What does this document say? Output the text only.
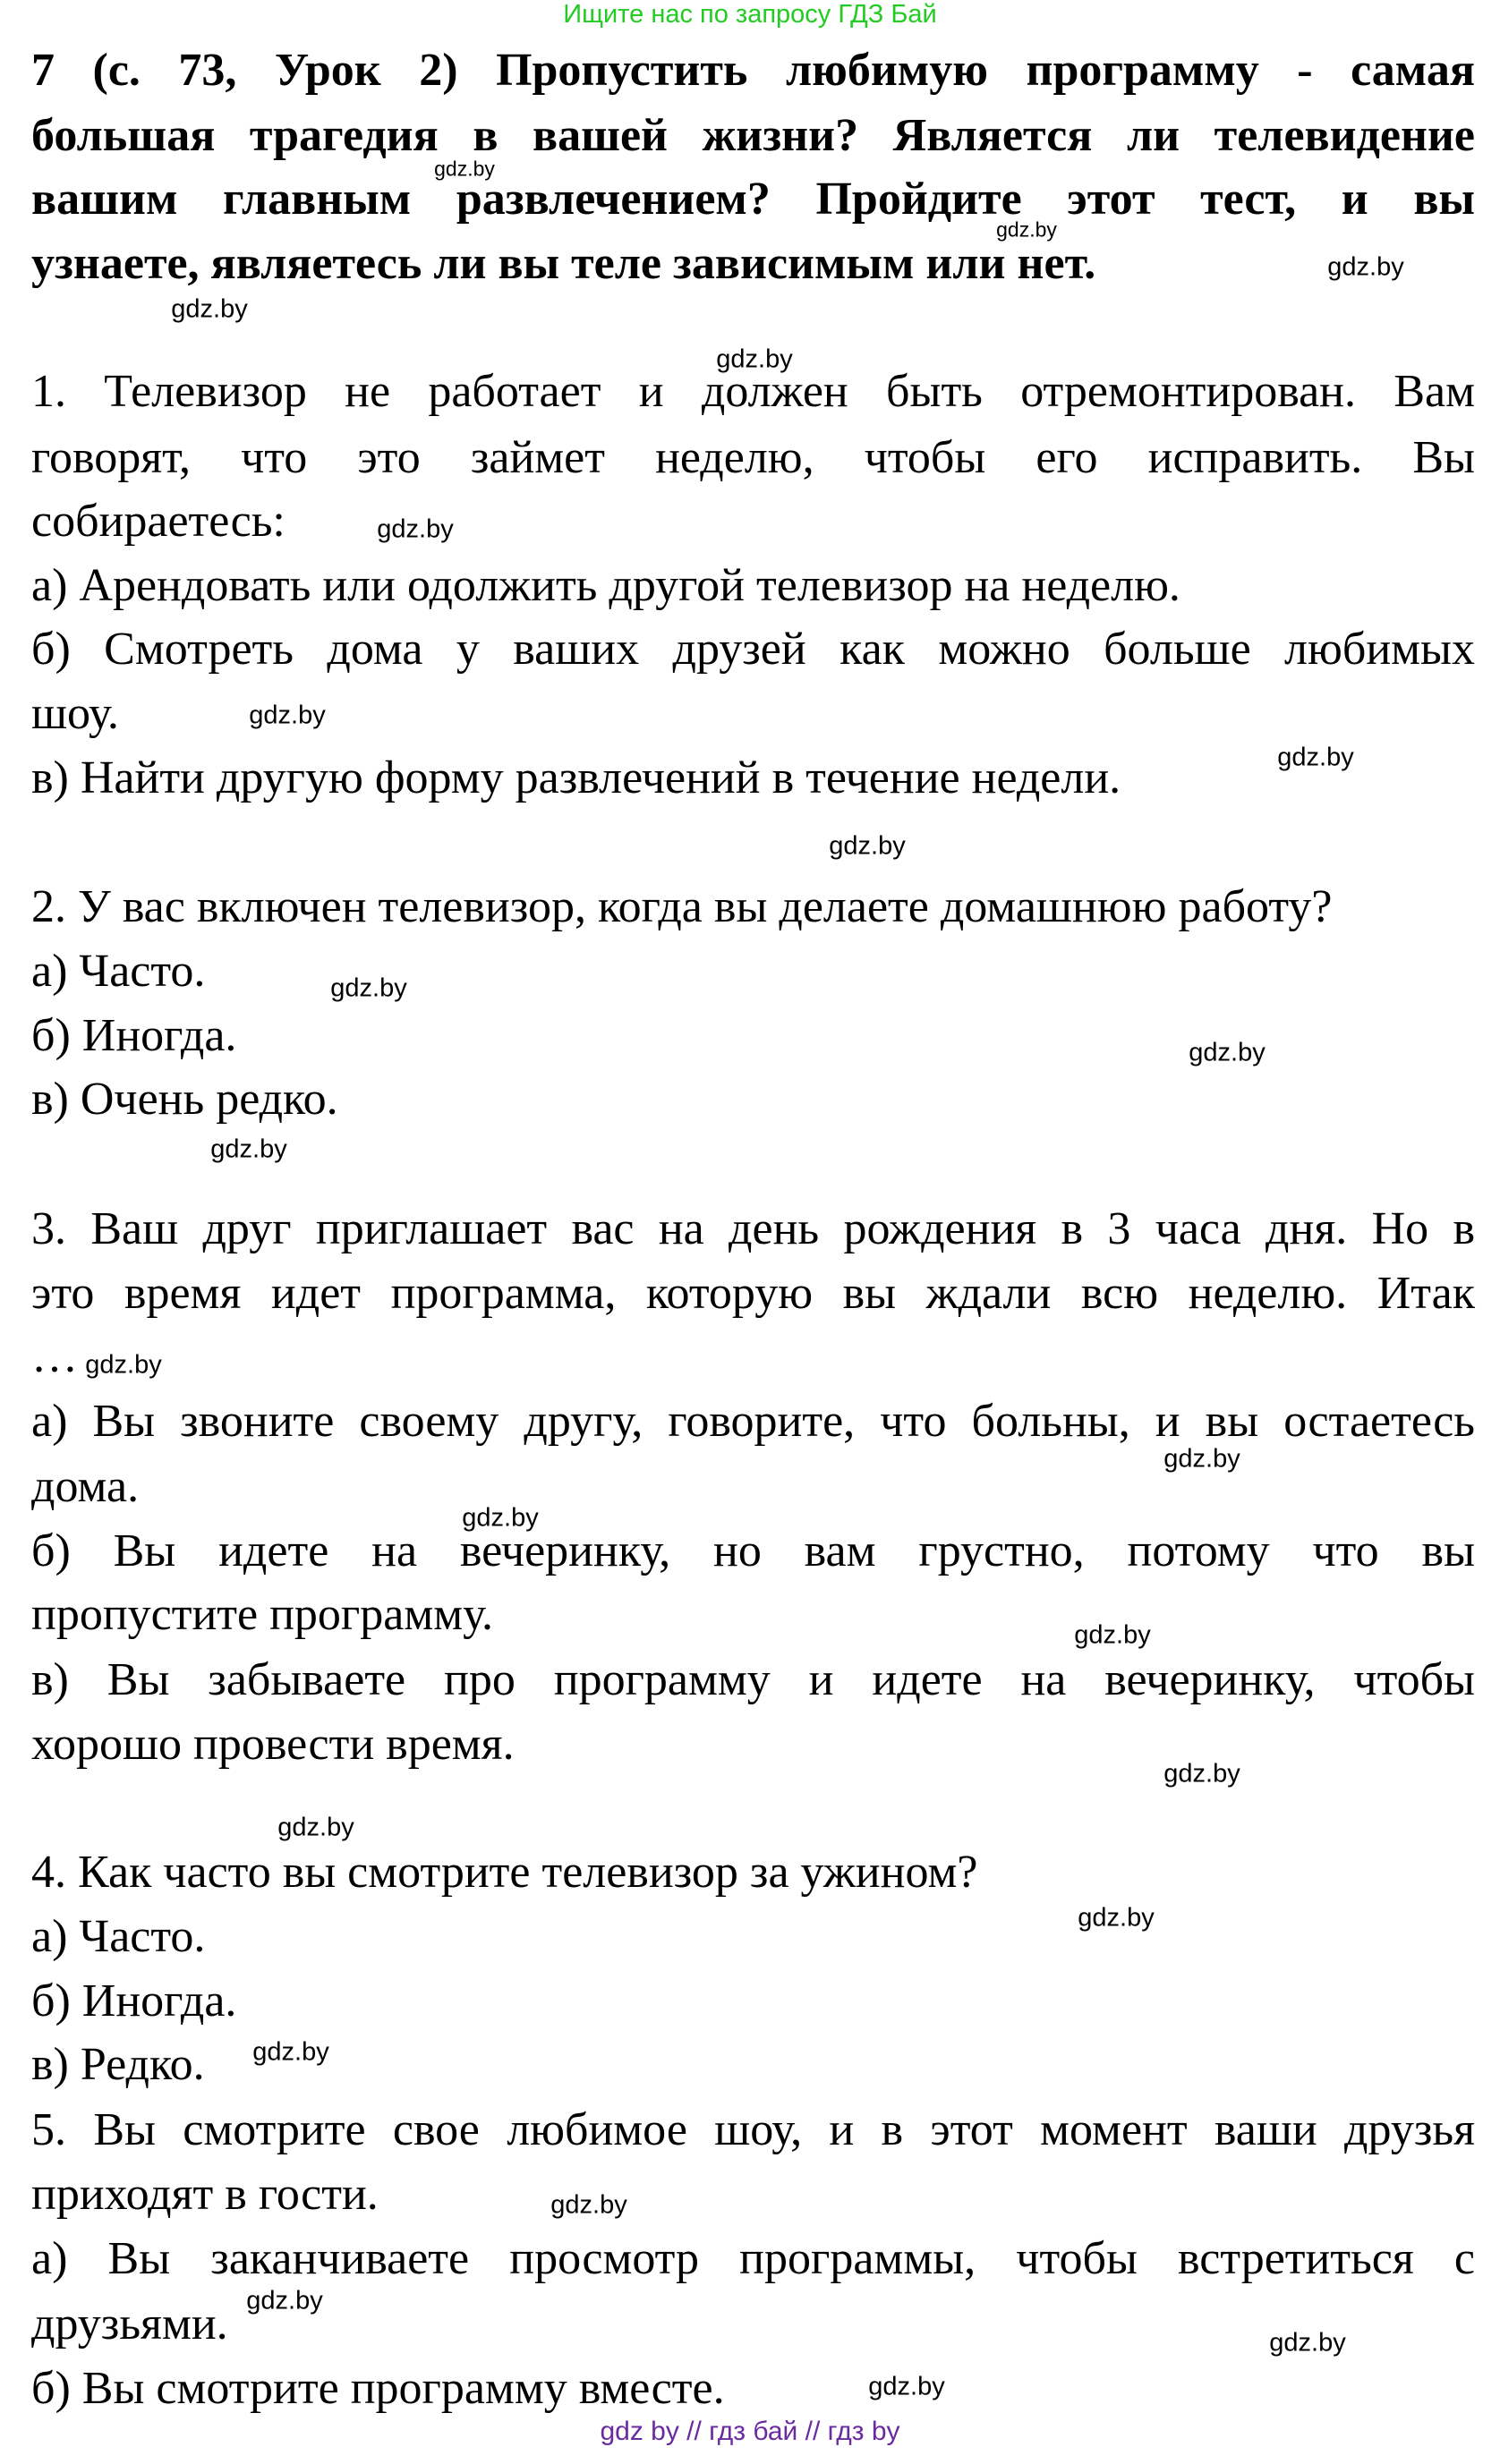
Ищите нас по запросу ГДЗ Бай
7 (с. 73, Урок 2) Пропустить любимую программу - самая
большая трагедия в вашей жизни? Является ли телевидение
вашим главным развлечением? Пройдите этот тест, и вы
узнаете, являетесь ли вы теле зависимым или нет.
1. Телевизор не работает и должен быть отремонтирован. Вам
говорят, что это займет неделю, чтобы его исправить. Вы
собираетесь:
а) Арендовать или одолжить другой телевизор на неделю.
б) Смотреть дома у ваших друзей как можно больше любимых
шоу.
в) Найти другую форму развлечений в течение недели.
2. У вас включен телевизор, когда вы делаете домашнюю работу?
а) Часто.
б) Иногда.
в) Очень редко.
3. Ваш друг приглашает вас на день рождения в 3 часа дня. Но в
это время идет программа, которую вы ждали всю неделю. Итак
…
а) Вы звоните своему другу, говорите, что больны, и вы остаетесь
дома.
б) Вы идете на вечеринку, но вам грустно, потому что вы
пропустите программу.
в) Вы забываете про программу и идете на вечеринку, чтобы
хорошо провести время.
4. Как часто вы смотрите телевизор за ужином?
а) Часто.
б) Иногда.
в) Редко.
5. Вы смотрите свое любимое шоу, и в этот момент ваши друзья
приходят в гости.
а) Вы заканчиваете просмотр программы, чтобы встретиться с
друзьями.
б) Вы смотрите программу вместе.
gdz.by
gdz.by
gdz.by
gdz.by
gdz.by
gdz.by
gdz.by
gdz.by
gdz.by
gdz.by
gdz.by
gdz.by
gdz.by
gdz.by
gdz.by
gdz.by
gdz.by
gdz.by
gdz.by
gdz.by
gdz.by
gdz.by
gdz.by
gdz.by
gdz by // гдз бай // гдз by
